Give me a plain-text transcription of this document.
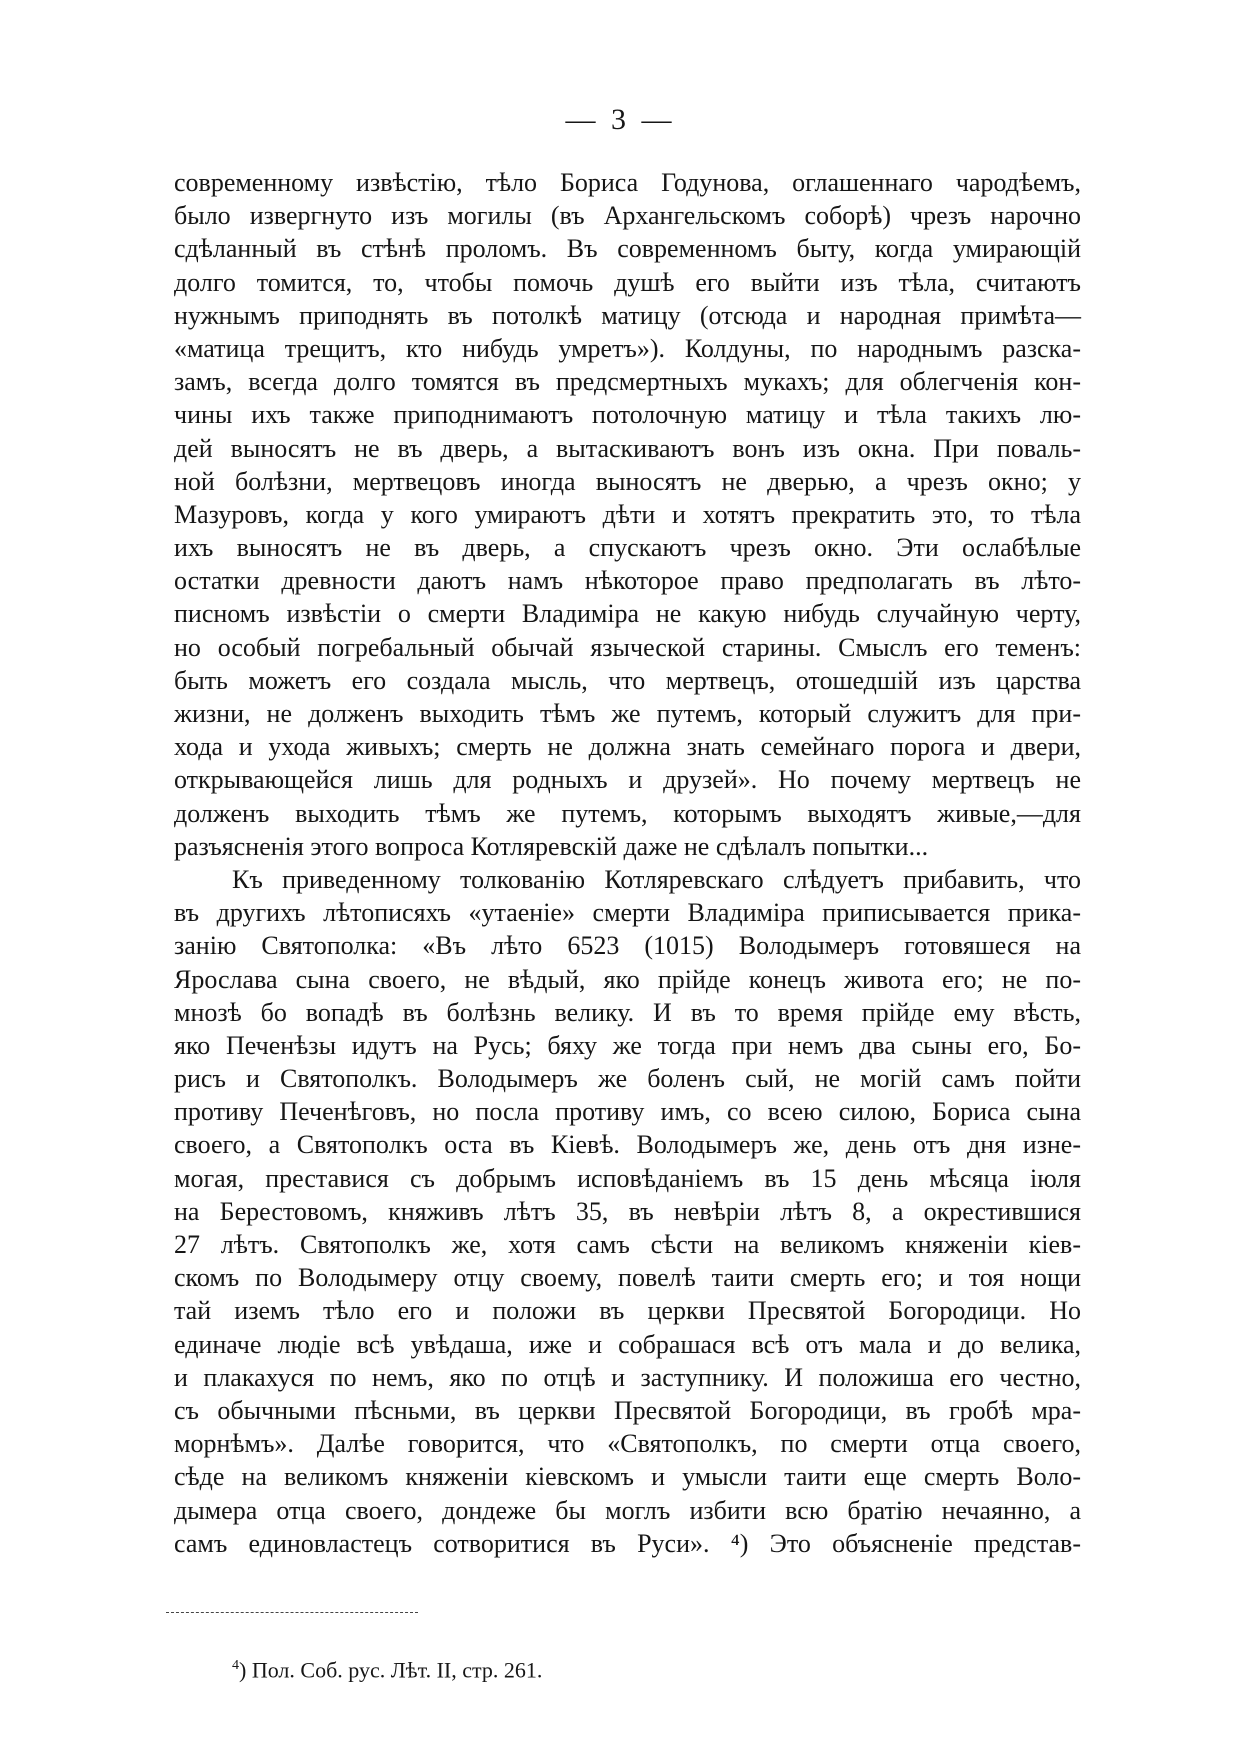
— 3 —
современному извѣстію, тѣло Бориса Годунова, оглашеннаго чародѣемъ,
было извергнуто изъ могилы (въ Архангельскомъ соборѣ) чрезъ нарочно
сдѣланный въ стѣнѣ проломъ. Въ современномъ быту, когда умирающій
долго томится, то, чтобы помочь душѣ его выйти изъ тѣла, считаютъ
нужнымъ приподнять въ потолкѣ матицу (отсюда и народная примѣта—
«матица трещитъ, кто нибудь умретъ»). Колдуны, по народнымъ разска-
замъ, всегда долго томятся въ предсмертныхъ мукахъ; для облегченія кон-
чины ихъ также приподнимаютъ потолочную матицу и тѣла такихъ лю-
дей выносятъ не въ дверь, а вытаскиваютъ вонъ изъ окна. При поваль-
ной болѣзни, мертвецовъ иногда выносятъ не дверью, а чрезъ окно; у
Мазуровъ, когда у кого умираютъ дѣти и хотятъ прекратить это, то тѣла
ихъ выносятъ не въ дверь, а спускаютъ чрезъ окно. Эти ослабѣлые
остатки древности даютъ намъ нѣкоторое право предполагать въ лѣто-
писномъ извѣстіи о смерти Владиміра не какую нибудь случайную черту,
но особый погребальный обычай языческой старины. Смыслъ его теменъ:
быть можетъ его создала мысль, что мертвецъ, отошедшій изъ царства
жизни, не долженъ выходить тѣмъ же путемъ, который служитъ для при-
хода и ухода живыхъ; смерть не должна знать семейнаго порога и двери,
открывающейся лишь для родныхъ и друзей». Но почему мертвецъ не
долженъ выходить тѣмъ же путемъ, которымъ выходятъ живые,—для
разъясненія этого вопроса Котляревскій даже не сдѣлалъ попытки...
Къ приведенному толкованію Котляревскаго слѣдуетъ прибавить, что
въ другихъ лѣтописяхъ «утаеніе» смерти Владиміра приписывается прика-
занію Святополка: «Въ лѣто 6523 (1015) Володымеръ готовяшеся на
Ярослава сына своего, не вѣдый, яко прійде конецъ живота его; не по-
мнозѣ бо вопадѣ въ болѣзнь велику. И въ то время прійде ему вѣсть,
яко Печенѣзы идутъ на Русь; бяху же тогда при немъ два сыны его, Бо-
рисъ и Святополкъ. Володымеръ же боленъ сый, не могій самъ пойти
противу Печенѣговъ, но посла противу имъ, со всею силою, Бориса сына
своего, а Святополкъ оста въ Кіевѣ. Володымеръ же, день отъ дня изне-
могая, преставися съ добрымъ исповѣданіемъ въ 15 день мѣсяца іюля
на Берестовомъ, княживъ лѣтъ 35, въ невѣріи лѣтъ 8, а окрестившися
27 лѣтъ. Святополкъ же, хотя самъ сѣсти на великомъ княженіи кіев-
скомъ по Володымеру отцу своему, повелѣ таити смерть его; и тоя нощи
тай иземъ тѣло его и положи въ церкви Пресвятой Богородици. Но
единаче людіе всѣ увѣдаша, иже и собрашася всѣ отъ мала и до велика,
и плакахуся по немъ, яко по отцѣ и заступнику. И положиша его честно,
съ обычными пѣсньми, въ церкви Пресвятой Богородици, въ гробѣ мра-
морнѣмъ». Далѣе говорится, что «Святополкъ, по смерти отца своего,
сѣде на великомъ княженіи кіевскомъ и умысли таити еще смерть Воло-
дымера отца своего, дондеже бы моглъ избити всю братію нечаянно, а
самъ единовластецъ сотворитися въ Руси». ⁴) Это объясненіе представ-
$^4$) Пол. Соб. рус. Лѣт. II, стр. 261.
